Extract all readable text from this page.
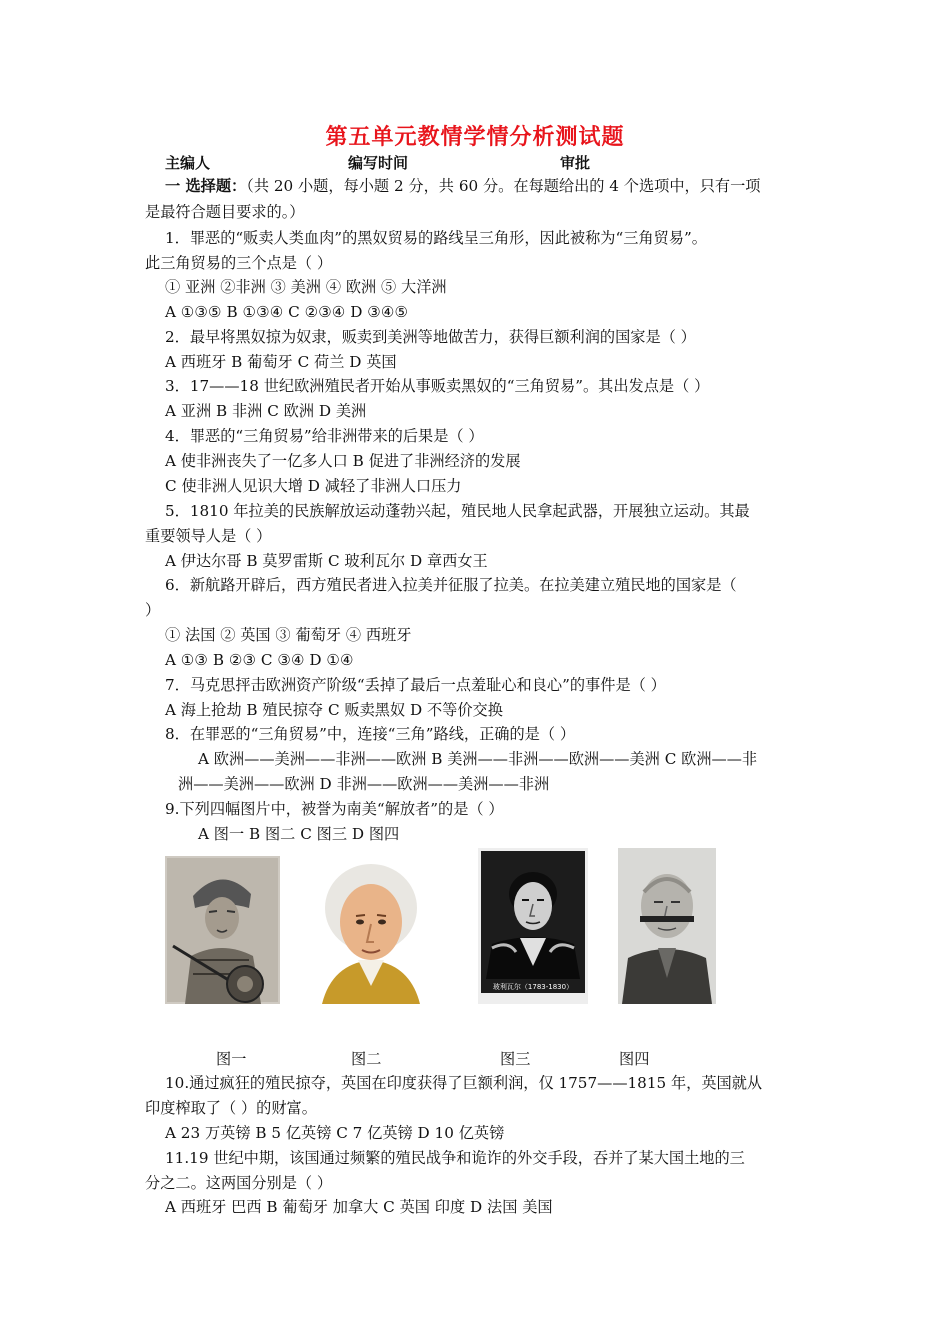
第五单元教情学情分析测试题
主编人	编写时间	审批
一 选择题：（共 20 小题，每小题 2 分，共 60 分。在每题给出的 4 个选项中，只有一项
是最符合题目要求的。）
1．罪恶的“贩卖人类血肉”的黑奴贸易的路线呈三角形，因此被称为“三角贸易”。
此三角贸易的三个点是（ ）
① 亚洲 ②非洲 ③ 美洲 ④ 欧洲 ⑤ 大洋洲
A ①③⑤ B ①③④ C ②③④ D ③④⑤
2．最早将黑奴掠为奴隶，贩卖到美洲等地做苦力，获得巨额利润的国家是（ ）
A 西班牙 B 葡萄牙 C 荷兰 D 英国
3．17——18 世纪欧洲殖民者开始从事贩卖黑奴的“三角贸易”。其出发点是（ ）
A 亚洲 B 非洲 C 欧洲 D 美洲
4．罪恶的“三角贸易”给非洲带来的后果是（ ）
A 使非洲丧失了一亿多人口 B 促进了非洲经济的发展
C 使非洲人见识大增 D 减轻了非洲人口压力
5．1810 年拉美的民族解放运动蓬勃兴起，殖民地人民拿起武器，开展独立运动。其最
重要领导人是（ ）
A 伊达尔哥 B 莫罗雷斯 C 玻利瓦尔 D 章西女王
6．新航路开辟后，西方殖民者进入拉美并征服了拉美。在拉美建立殖民地的国家是（
）
① 法国 ② 英国 ③ 葡萄牙 ④ 西班牙
A ①③ B ②③ C ③④ D ①④
7．马克思抨击欧洲资产阶级“丢掉了最后一点羞耻心和良心”的事件是（ ）
A 海上抢劫 B 殖民掠夺 C 贩卖黑奴 D 不等价交换
8．在罪恶的“三角贸易”中，连接“三角”路线，正确的是（ ）
A 欧洲——美洲——非洲——欧洲 B 美洲——非洲——欧洲——美洲 C 欧洲——非
洲——美洲——欧洲 D 非洲——欧洲——美洲——非洲
9.下列四幅图片中，被誉为南美“解放者”的是（ ）
A 图一 B 图二 C 图三 D 图四
玻利瓦尔（1783-1830）
图一	图二	图三	图四
10.通过疯狂的殖民掠夺，英国在印度获得了巨额利润，仅 1757——1815 年，英国就从
印度榨取了（ ）的财富。
A 23 万英镑 B 5 亿英镑 C 7 亿英镑 D 10 亿英镑
11.19 世纪中期，该国通过频繁的殖民战争和诡诈的外交手段，吞并了某大国土地的三
分之二。这两国分别是（ ）
A 西班牙 巴西 B 葡萄牙 加拿大 C 英国 印度 D 法国 美国
